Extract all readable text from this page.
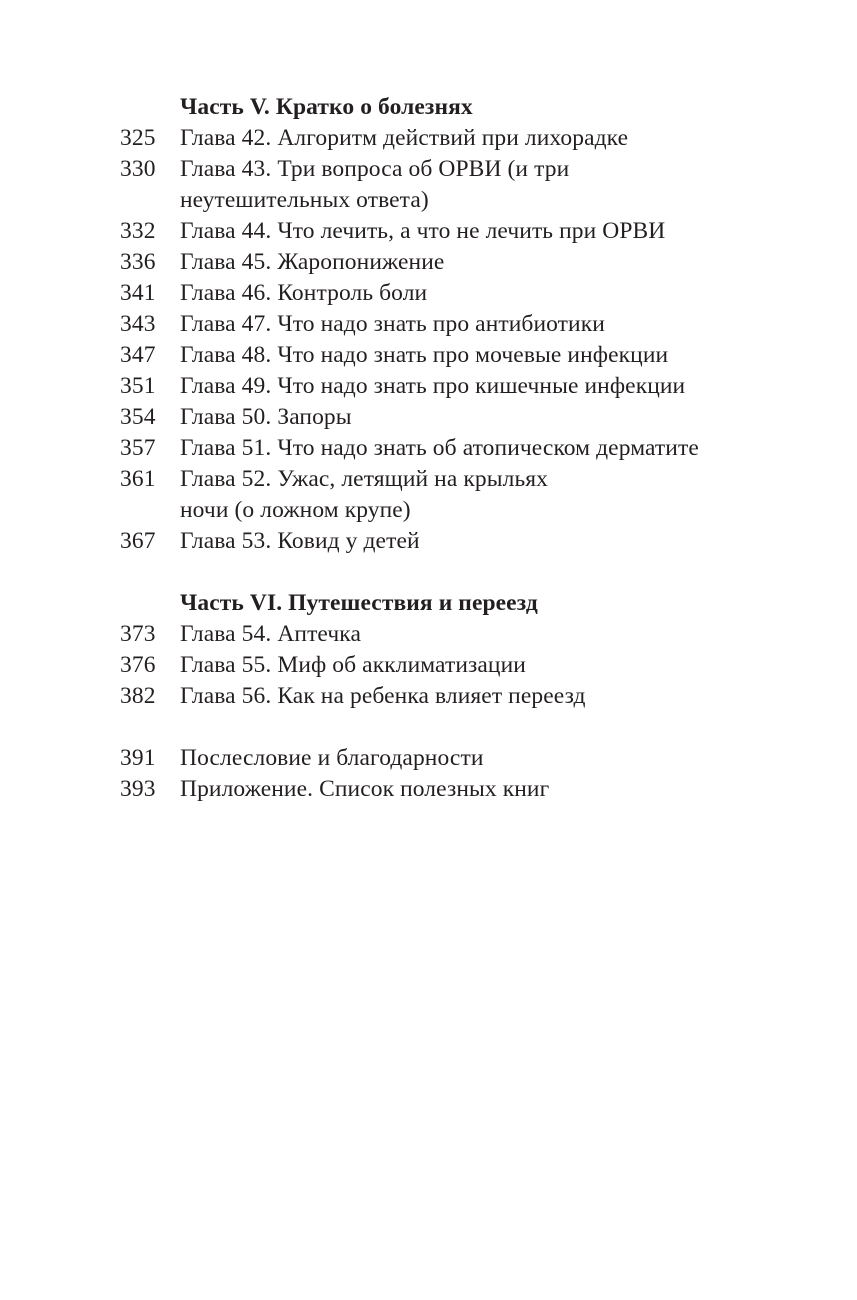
Часть V. Кратко о болезнях
325	Глава 42. Алгоритм действий при лихорадке
330	Глава 43. Три вопроса об ОРВИ (и три
неутешительных ответа)
332	Глава 44. Что лечить, а что не лечить при ОРВИ
336	Глава 45. Жаропонижение
341	Глава 46. Контроль боли
343	Глава 47. Что надо знать про антибиотики
347	Глава 48. Что надо знать про мочевые инфекции
351	Глава 49. Что надо знать про кишечные инфекции
354	Глава 50. Запоры
357	Глава 51. Что надо знать об атопическом дерматите
361	Глава 52. Ужас, летящий на крыльях
ночи (о ложном крупе)
367	Глава 53. Ковид у детей
Часть VI. Путешествия и переезд
373	Глава 54. Аптечка
376	Глава 55. Миф об акклиматизации
382	Глава 56. Как на ребенка влияет переезд
391	Послесловие и благодарности
393	Приложение. Список полезных книг
